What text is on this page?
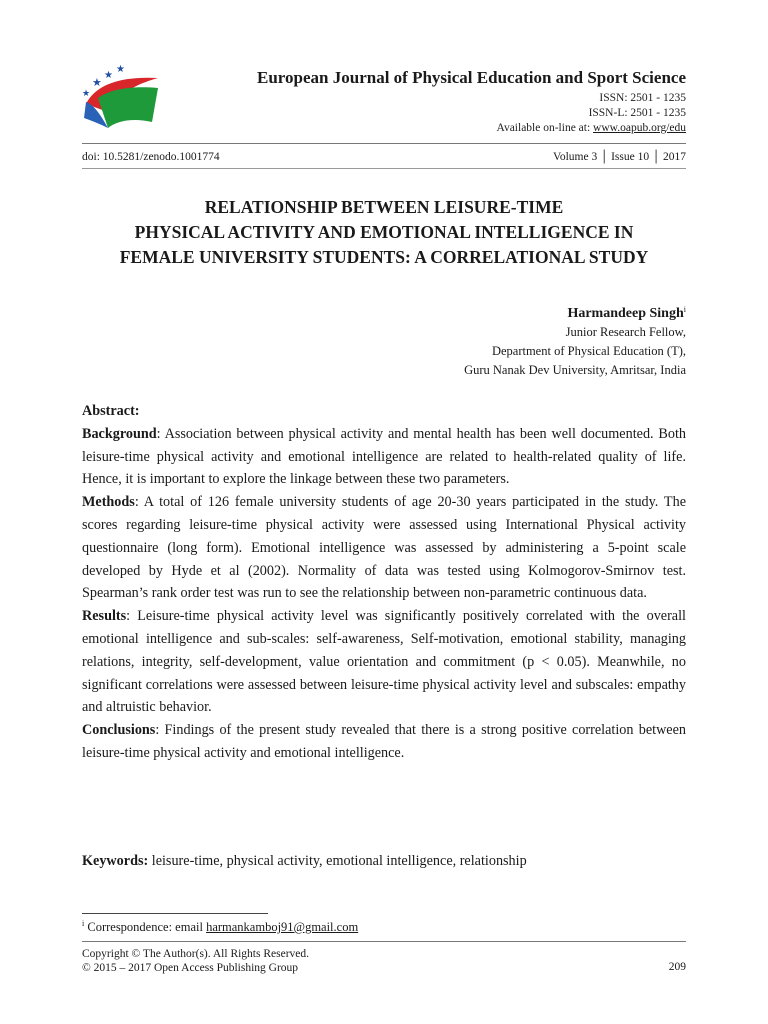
★
★
★
★
European Journal of Physical Education and Sport Science
ISSN: 2501 - 1235
ISSN-L: 2501 - 1235
Available on-line at: www.oapub.org/edu
doi: 10.5281/zenodo.1001774	Volume 3 │ Issue 10 │ 2017
RELATIONSHIP BETWEEN LEISURE-TIME
PHYSICAL ACTIVITY AND EMOTIONAL INTELLIGENCE IN
FEMALE UNIVERSITY STUDENTS: A CORRELATIONAL STUDY
Harmandeep Singh$^i$
Junior Research Fellow,
Department of Physical Education (T),
Guru Nanak Dev University, Amritsar, India

Abstract:

Background: Association between physical activity and mental health has been well documented. Both leisure-time physical activity and emotional intelligence are related to health-related quality of life. Hence, it is important to explore the linkage between these two parameters.

Methods: A total of 126 female university students of age 20-30 years participated in the study. The scores regarding leisure-time physical activity were assessed using International Physical activity questionnaire (long form). Emotional intelligence was assessed by administering a 5-point scale developed by Hyde et al (2002). Normality of data was tested using Kolmogorov-Smirnov test. Spearman’s rank order test was run to see the relationship between non-parametric continuous data.

Results: Leisure-time physical activity level was significantly positively correlated with the overall emotional intelligence and sub-scales: self-awareness, Self-motivation, emotional stability, managing relations, integrity, self-development, value orientation and commitment (p < 0.05). Meanwhile, no significant correlations were assessed between leisure-time physical activity level and subscales: empathy and altruistic behavior.

Conclusions: Findings of the present study revealed that there is a strong positive correlation between leisure-time physical activity and emotional intelligence.

Keywords: leisure-time, physical activity, emotional intelligence, relationship
$^i$ Correspondence: email harmankamboj91@gmail.com
Copyright © The Author(s). All Rights Reserved.
© 2015 – 2017 Open Access Publishing Group	209
